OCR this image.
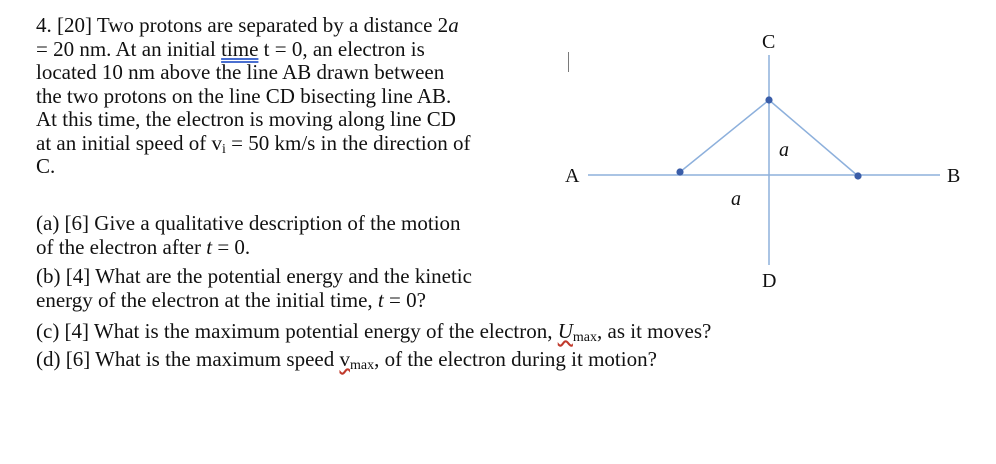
4. [20] Two protons are separated by a distance 2a
= 20 nm. At an initial time t = 0, an electron is
located 10 nm above the line AB drawn between
the two protons on the line CD bisecting line AB.
At this time, the electron is moving along line CD
at an initial speed of vi = 50 km/s in the direction of
C.
(a) [6] Give a qualitative description of the motion
of the electron after t = 0.
(b) [4] What are the potential energy and the kinetic
energy of the electron at the initial time, t = 0?
(c) [4] What is the maximum potential energy of the electron, Umax, as it moves?
(d) [6] What is the maximum speed vmax, of the electron during it motion?
A	B
C
D
a
a
